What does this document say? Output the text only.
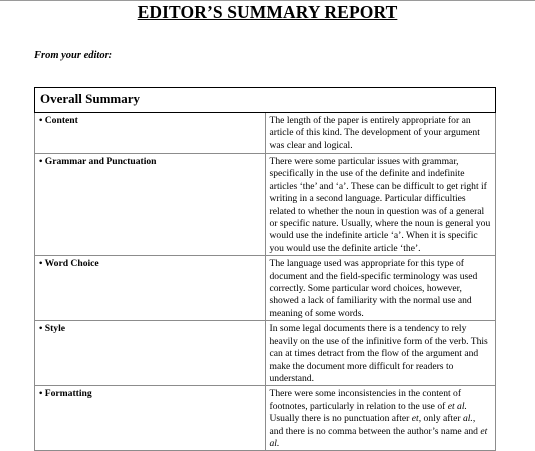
EDITOR’S SUMMARY REPORT
From your editor:
Overall Summary	
• Content	The length of the paper is entirely appropriate for an article of this kind. The development of your argument was clear and logical.
• Grammar and Punctuation	There were some particular issues with grammar, specifically in the use of the definite and indefinite articles ‘the’ and ‘a’. These can be difficult to get right if writing in a second language. Particular difficulties related to whether the noun in question was of a general or specific nature. Usually, where the noun is general you would use the indefinite article ‘a’. When it is specific you would use the definite article ‘the’.
• Word Choice	The language used was appropriate for this type of document and the field-specific terminology was used correctly. Some particular word choices, however, showed a lack of familiarity with the normal use and meaning of some words.
• Style	In some legal documents there is a tendency to rely heavily on the use of the infinitive form of the verb. This can at times detract from the flow of the argument and make the document more difficult for readers to understand.
• Formatting	There were some inconsistencies in the content of footnotes, particularly in relation to the use of et al. Usually there is no punctuation after et, only after al., and there is no comma between the author’s name and et al.
